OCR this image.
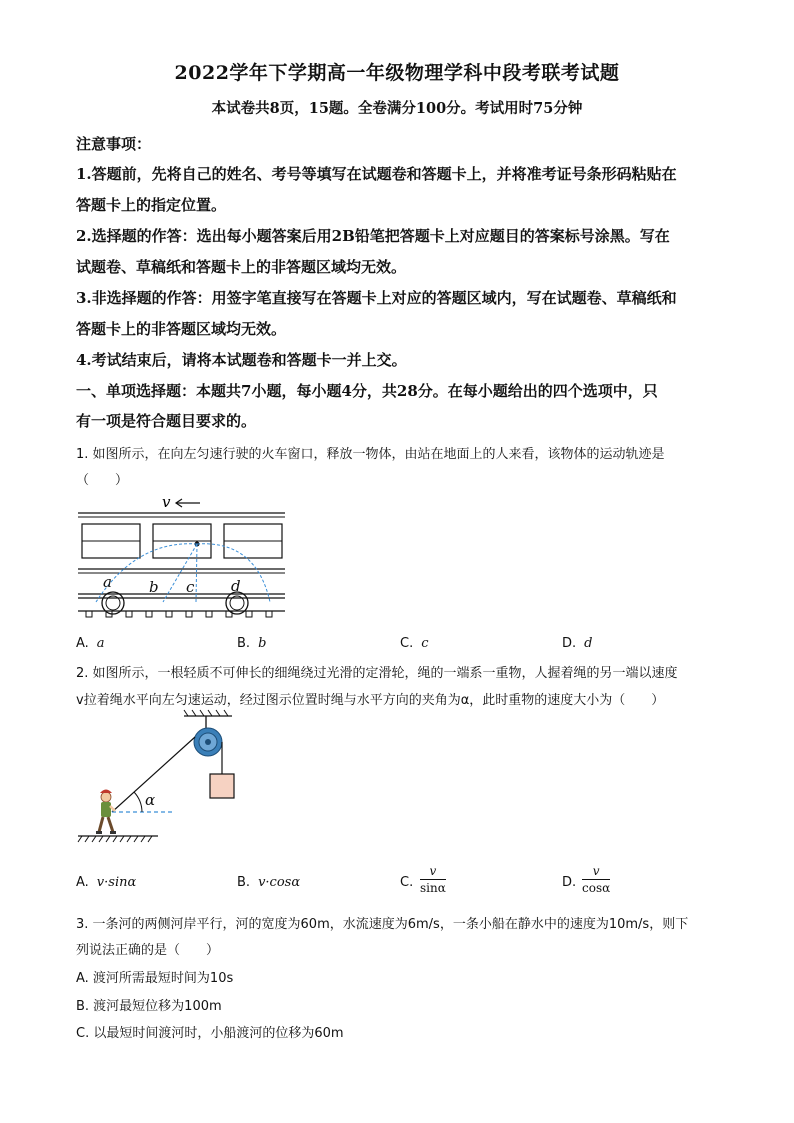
2022学年下学期高一年级物理学科中段考联考试题
本试卷共8页，15题。全卷满分100分。考试用时75分钟
注意事项：
1.答题前，先将自己的姓名、考号等填写在试题卷和答题卡上，并将准考证号条形码粘贴在
答题卡上的指定位置。
2.选择题的作答：选出每小题答案后用2B铅笔把答题卡上对应题目的答案标号涂黑。写在
试题卷、草稿纸和答题卡上的非答题区域均无效。
3.非选择题的作答：用签字笔直接写在答题卡上对应的答题区域内，写在试题卷、草稿纸和
答题卡上的非答题区域均无效。
4.考试结束后，请将本试题卷和答题卡一并上交。
一、单项选择题：本题共7小题，每小题4分，共28分。在每小题给出的四个选项中，只
有一项是符合题目要求的。
1. 如图所示，在向左匀速行驶的火车窗口，释放一物体，由站在地面上的人来看，该物体的运动轨迹是
（　　）
v
a b c d
A. a	B. b	C. c	D. d
2. 如图所示，一根轻质不可伸长的细绳绕过光滑的定滑轮，绳的一端系一重物，人握着绳的另一端以速度
v拉着绳水平向左匀速运动，经过图示位置时绳与水平方向的夹角为α，此时重物的速度大小为（　　）
α
A. v·sinα	B. v·cosα	C. $\frac{v}{\sin\alpha}$	D. $\frac{v}{\cos\alpha}$
3. 一条河的两侧河岸平行，河的宽度为60m，水流速度为6m/s，一条小船在静水中的速度为10m/s，则下
列说法正确的是（　　）
A. 渡河所需最短时间为10s
B. 渡河最短位移为100m
C. 以最短时间渡河时，小船渡河的位移为60m
